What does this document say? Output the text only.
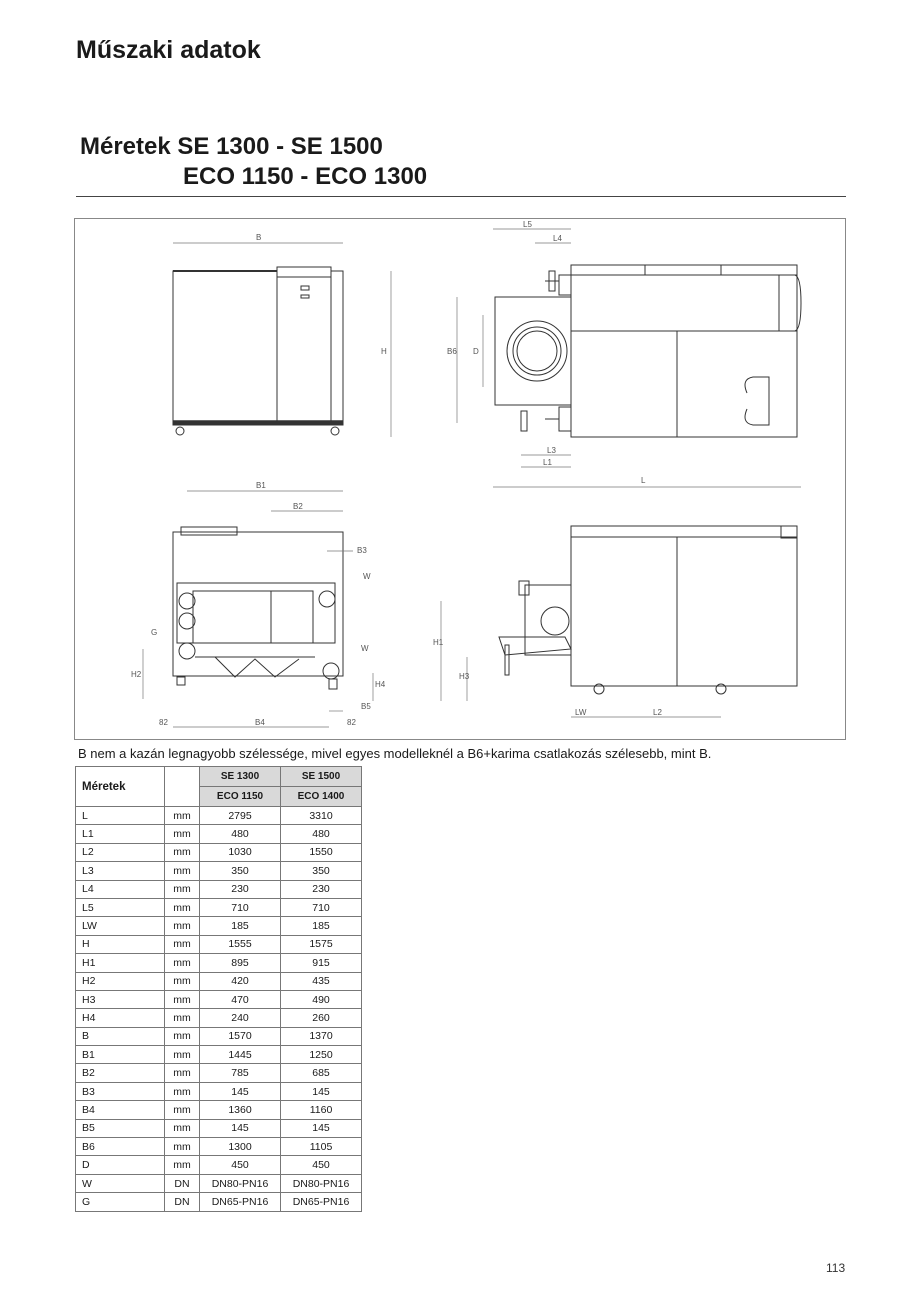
Műszaki adatok
Méretek SE 1300 - SE 1500
ECO 1150 - ECO 1300
B
H
L5
L4
B6 D
L3
L1
L
B1
B2
B3
W
G
W
H2
H4
B5
B4
82	82
H1
H3
LW	L2

B nem a kazán legnagyobb szélessége, mivel egyes modelleknél a B6+karima csatlakozás szélesebb, mint B.

Méretek		SE 1300	SE 1500
		ECO 1150	ECO 1400
L	mm	2795	3310
L1	mm	480	480
L2	mm	1030	1550
L3	mm	350	350
L4	mm	230	230
L5	mm	710	710
LW	mm	185	185
H	mm	1555	1575
H1	mm	895	915
H2	mm	420	435
H3	mm	470	490
H4	mm	240	260
B	mm	1570	1370
B1	mm	1445	1250
B2	mm	785	685
B3	mm	145	145
B4	mm	1360	1160
B5	mm	145	145
B6	mm	1300	1105
D	mm	450	450
W	DN	DN80-PN16	DN80-PN16
G	DN	DN65-PN16	DN65-PN16
113
